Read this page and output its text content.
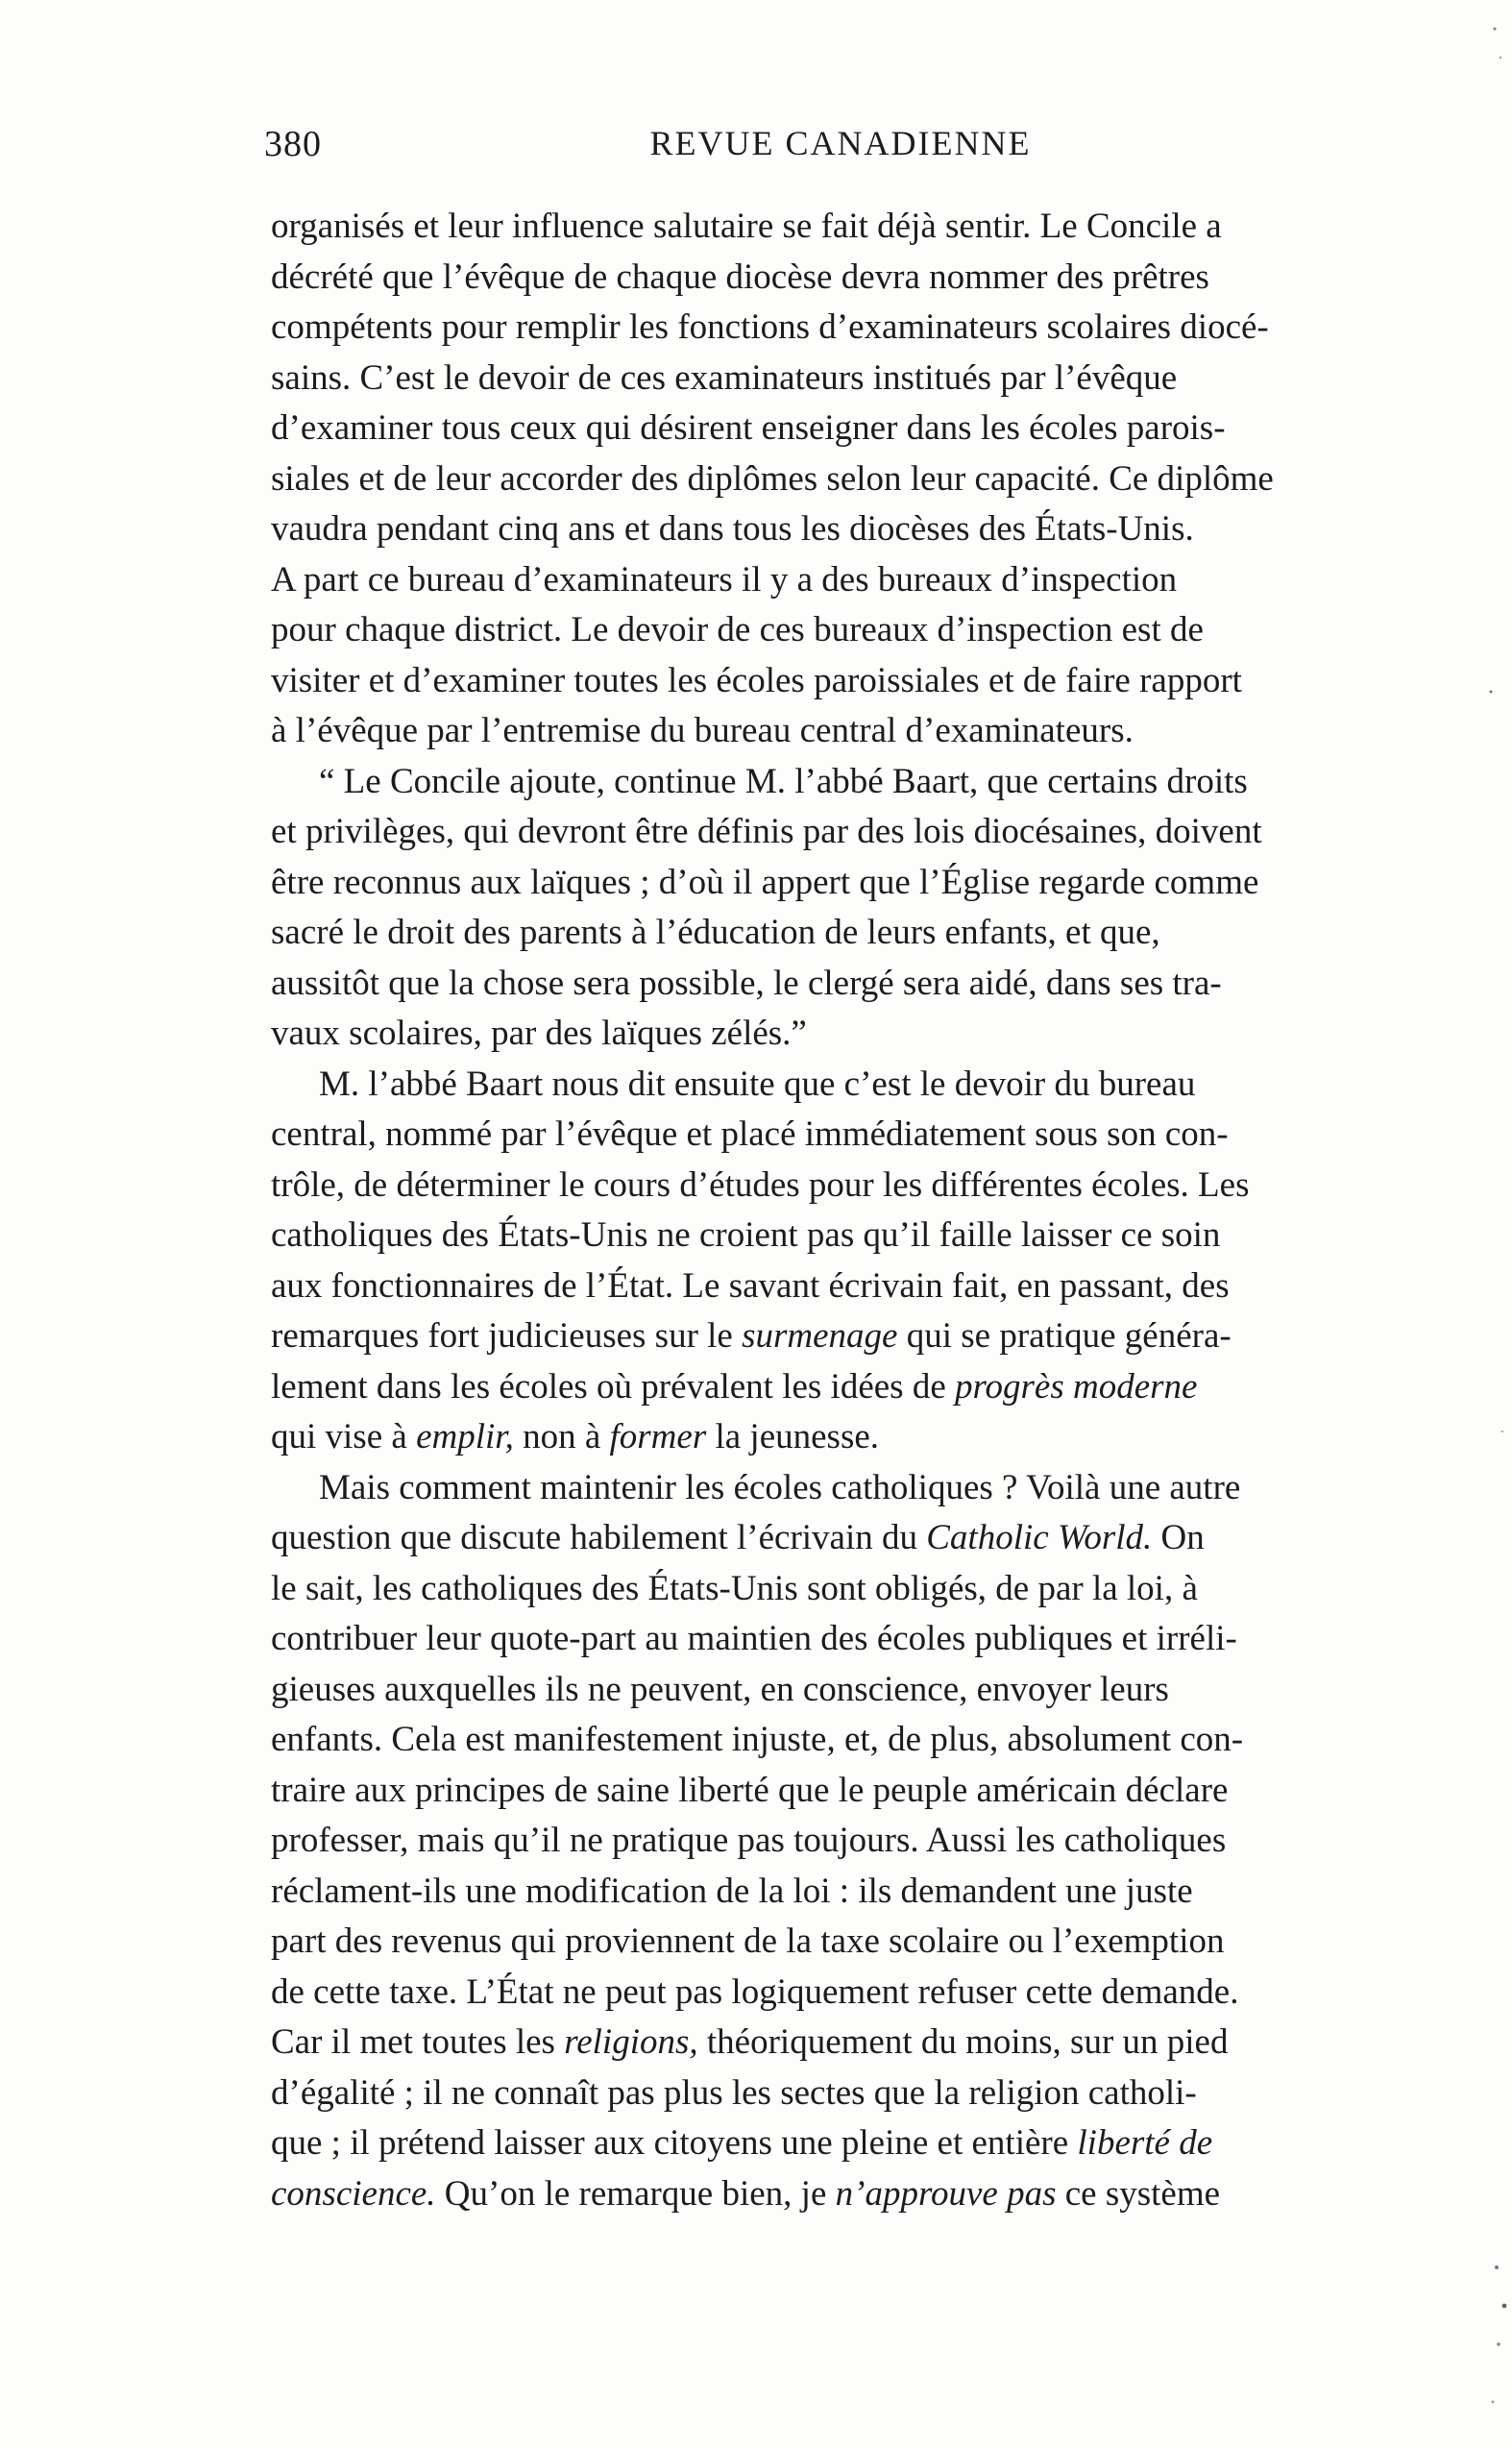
380	REVUE CANADIENNE
organisés et leur influence salutaire se fait déjà sentir. Le Concile a
décrété que l’évêque de chaque diocèse devra nommer des prêtres
compétents pour remplir les fonctions d’examinateurs scolaires diocé-
sains. C’est le devoir de ces examinateurs institués par l’évêque
d’examiner tous ceux qui désirent enseigner dans les écoles parois-
siales et de leur accorder des diplômes selon leur capacité. Ce diplôme
vaudra pendant cinq ans et dans tous les diocèses des États-Unis.
A part ce bureau d’examinateurs il y a des bureaux d’inspection
pour chaque district. Le devoir de ces bureaux d’inspection est de
visiter et d’examiner toutes les écoles paroissiales et de faire rapport
à l’évêque par l’entremise du bureau central d’examinateurs.
“ Le Concile ajoute, continue M. l’abbé Baart, que certains droits
et privilèges, qui devront être définis par des lois diocésaines, doivent
être reconnus aux laïques ; d’où il appert que l’Église regarde comme
sacré le droit des parents à l’éducation de leurs enfants, et que,
aussitôt que la chose sera possible, le clergé sera aidé, dans ses tra-
vaux scolaires, par des laïques zélés.”
M. l’abbé Baart nous dit ensuite que c’est le devoir du bureau
central, nommé par l’évêque et placé immédiatement sous son con-
trôle, de déterminer le cours d’études pour les différentes écoles. Les
catholiques des États-Unis ne croient pas qu’il faille laisser ce soin
aux fonctionnaires de l’État. Le savant écrivain fait, en passant, des
remarques fort judicieuses sur le surmenage qui se pratique généra-
lement dans les écoles où prévalent les idées de progrès moderne
qui vise à emplir, non à former la jeunesse.
Mais comment maintenir les écoles catholiques ? Voilà une autre
question que discute habilement l’écrivain du Catholic World. On
le sait, les catholiques des États-Unis sont obligés, de par la loi, à
contribuer leur quote-part au maintien des écoles publiques et irréli-
gieuses auxquelles ils ne peuvent, en conscience, envoyer leurs
enfants. Cela est manifestement injuste, et, de plus, absolument con-
traire aux principes de saine liberté que le peuple américain déclare
professer, mais qu’il ne pratique pas toujours. Aussi les catholiques
réclament-ils une modification de la loi : ils demandent une juste
part des revenus qui proviennent de la taxe scolaire ou l’exemption
de cette taxe. L’État ne peut pas logiquement refuser cette demande.
Car il met toutes les religions, théoriquement du moins, sur un pied
d’égalité ; il ne connaît pas plus les sectes que la religion catholi-
que ; il prétend laisser aux citoyens une pleine et entière liberté de
conscience. Qu’on le remarque bien, je n’approuve pas ce système
